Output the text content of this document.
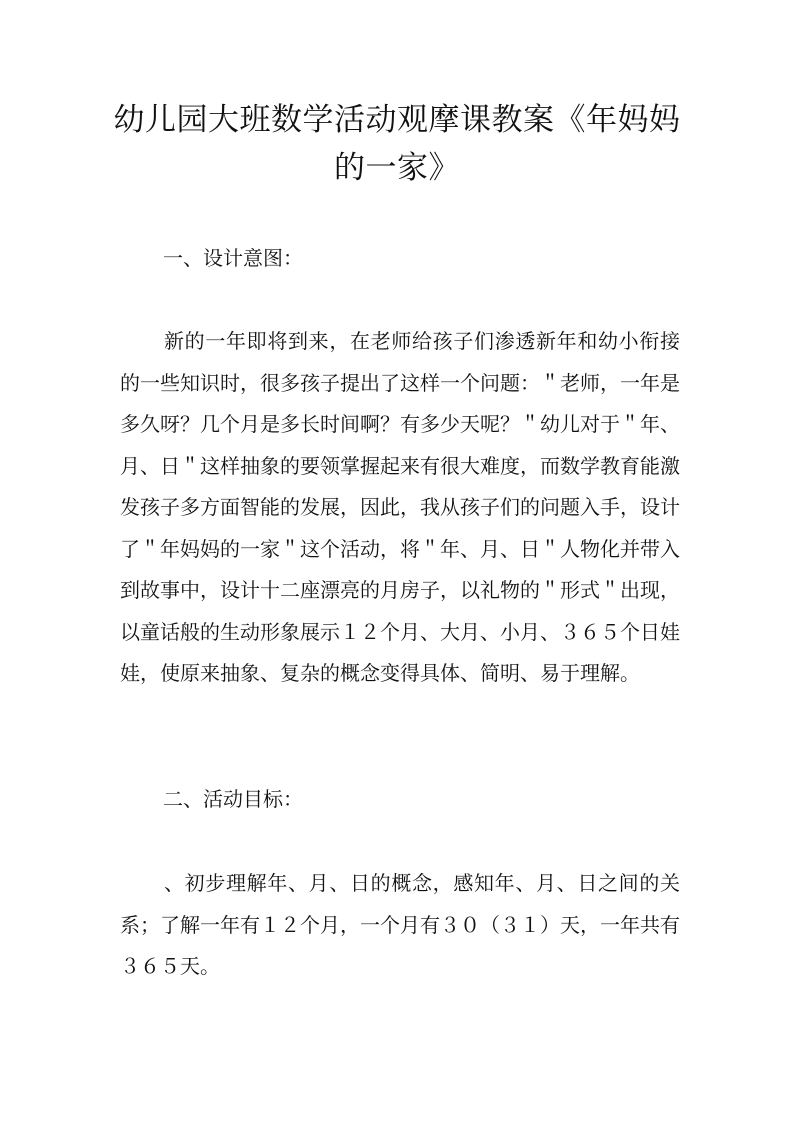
幼儿园大班数学活动观摩课教案《年妈妈的一家》
一、设计意图：

新的一年即将到来，在老师给孩子们渗透新年和幼小衔接的一些知识时，很多孩子提出了这样一个问题：＂老师，一年是多久呀？几个月是多长时间啊？有多少天呢？＂幼儿对于＂年、月、日＂这样抽象的要领掌握起来有很大难度，而数学教育能激发孩子多方面智能的发展，因此，我从孩子们的问题入手，设计了＂年妈妈的一家＂这个活动，将＂年、月、日＂人物化并带入到故事中，设计十二座漂亮的月房子，以礼物的＂形式＂出现，以童话般的生动形象展示１２个月、大月、小月、３６５个日娃娃，使原来抽象、复杂的概念变得具体、简明、易于理解。

二、活动目标：

、初步理解年、月、日的概念，感知年、月、日之间的关系；了解一年有１２个月，一个月有３０（３１）天，一年共有３６５天。
